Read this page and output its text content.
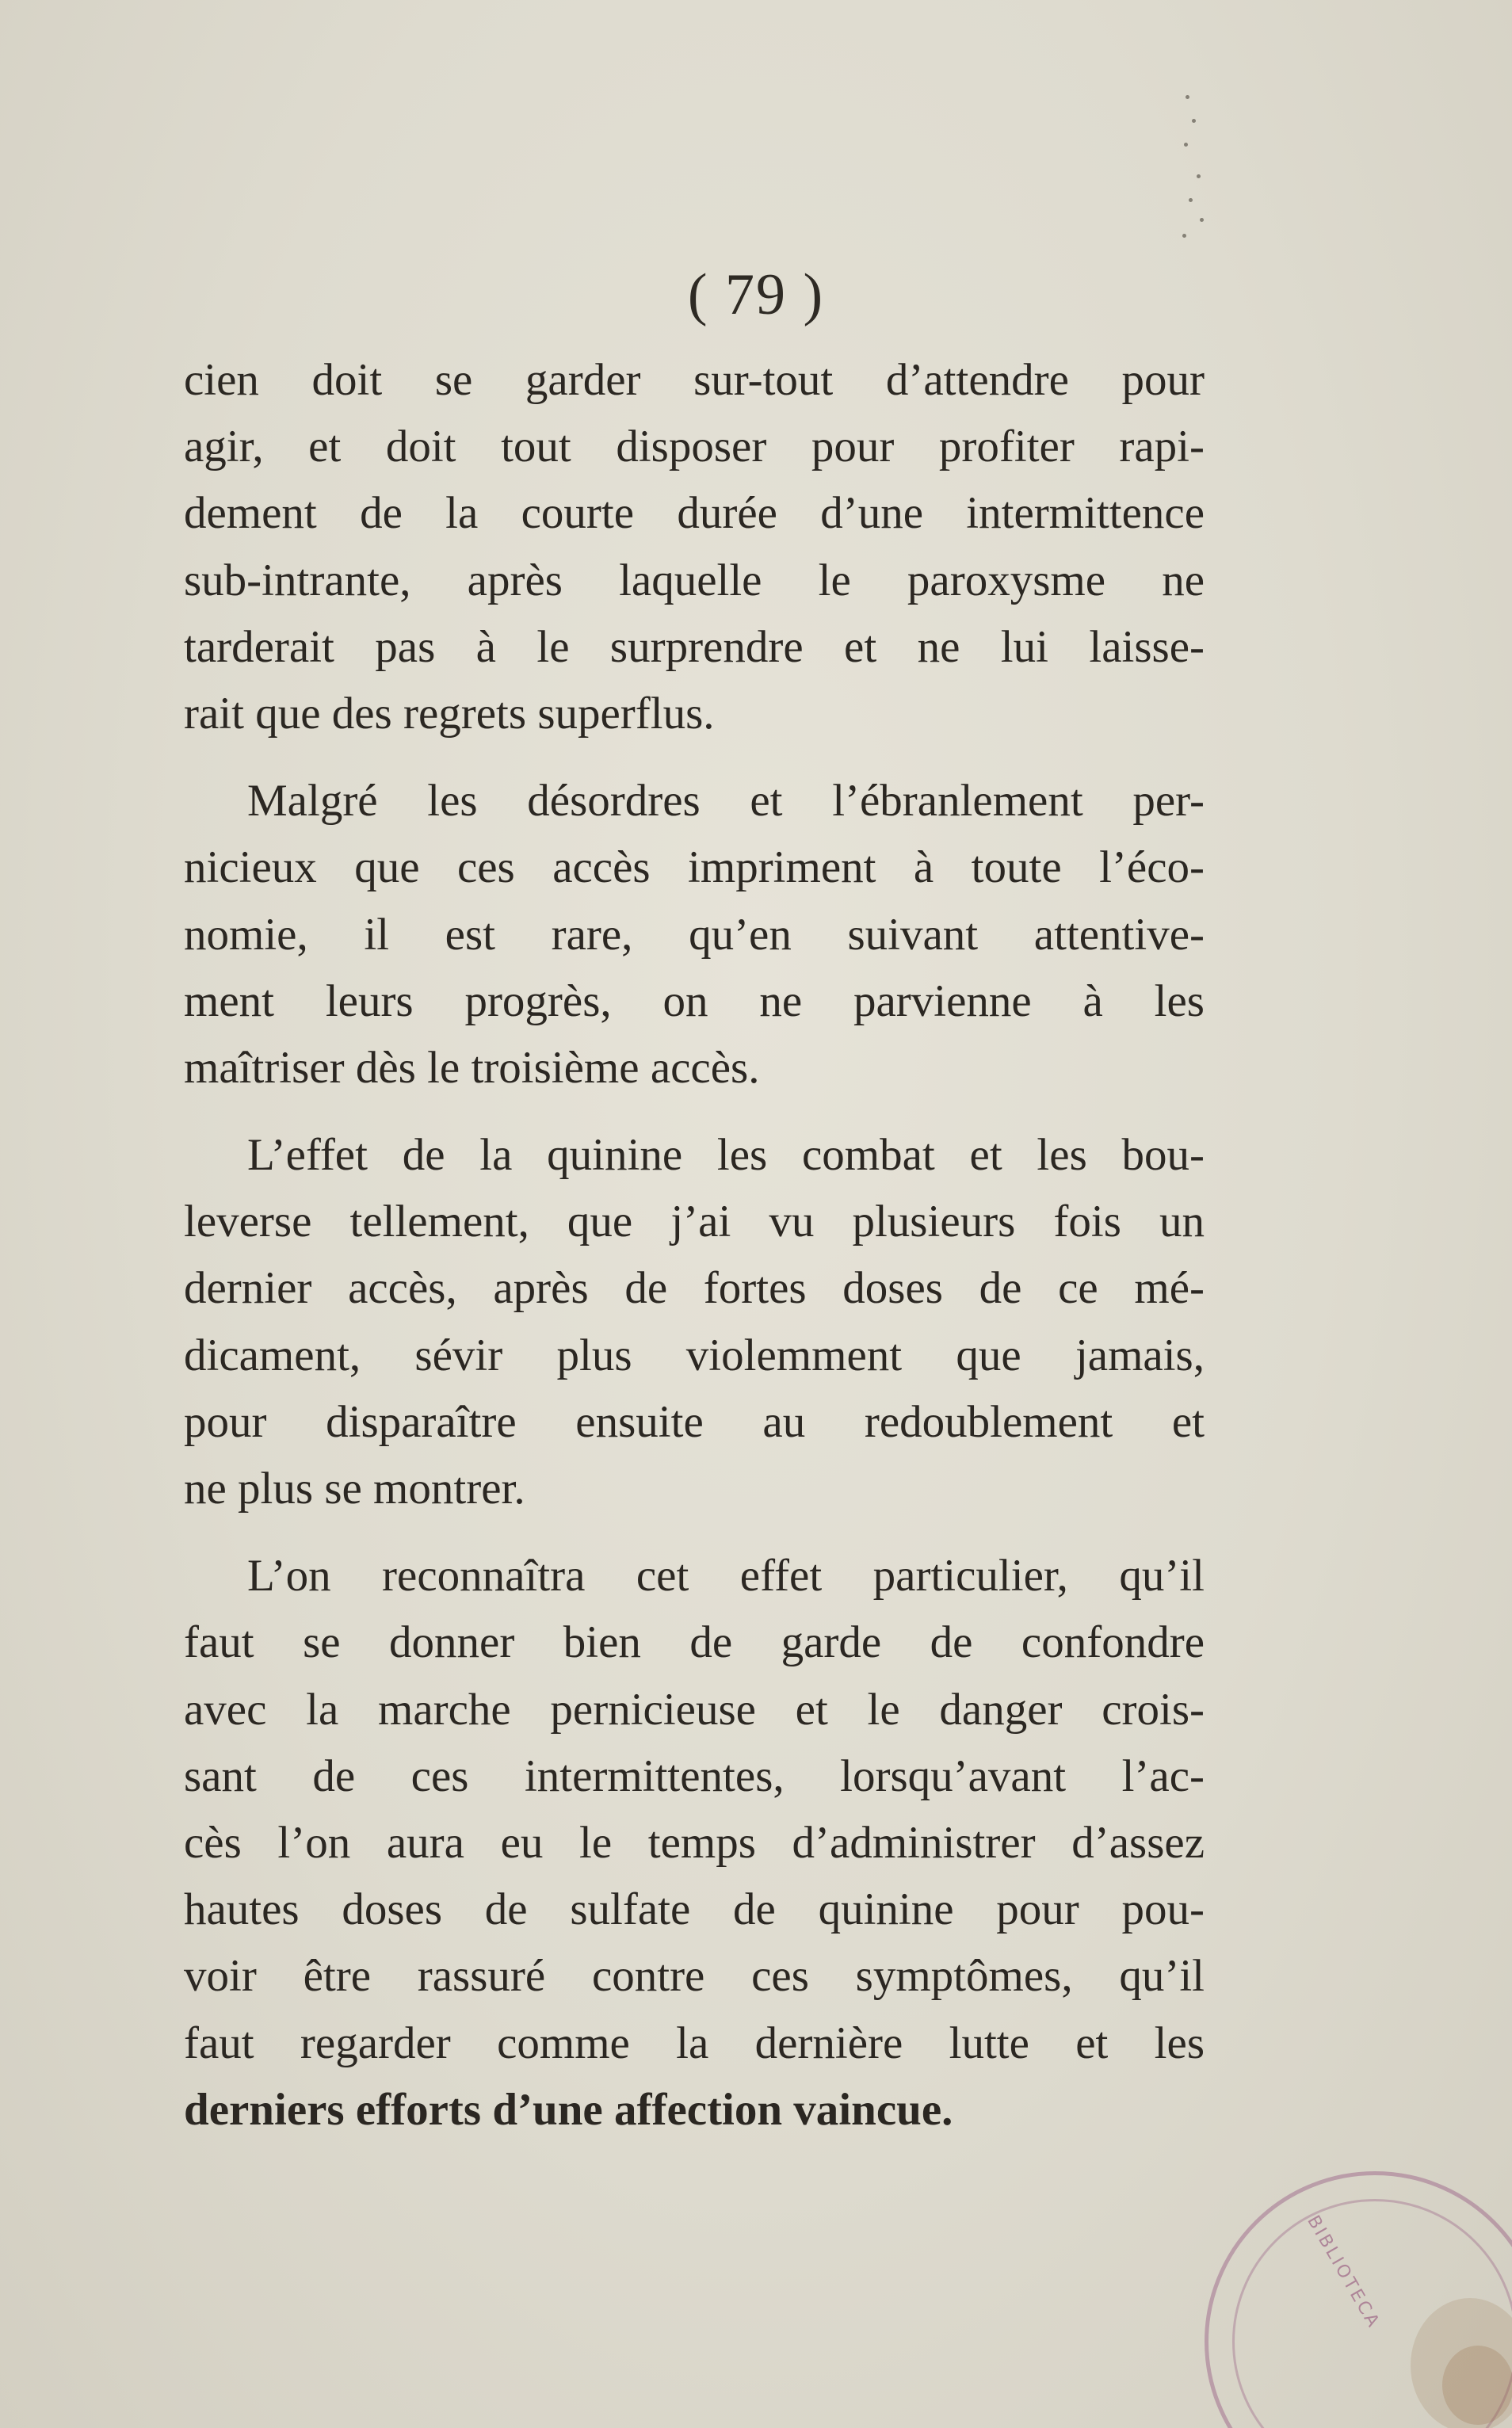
( 79 )
cien doit se garder sur-tout d’attendre pour
agir, et doit tout disposer pour profiter rapi-
dement de la courte durée d’une intermittence
sub-intrante, après laquelle le paroxysme ne
tarderait pas à le surprendre et ne lui laisse-
rait que des regrets superflus.
Malgré les désordres et l’ébranlement per-
nicieux que ces accès impriment à toute l’éco-
nomie, il est rare, qu’en suivant attentive-
ment leurs progrès, on ne parvienne à les
maîtriser dès le troisième accès.
L’effet de la quinine les combat et les bou-
leverse tellement, que j’ai vu plusieurs fois un
dernier accès, après de fortes doses de ce mé-
dicament, sévir plus violemment que jamais,
pour disparaître ensuite au redoublement et
ne plus se montrer.
L’on reconnaîtra cet effet particulier, qu’il
faut se donner bien de garde de confondre
avec la marche pernicieuse et le danger crois-
sant de ces intermittentes, lorsqu’avant l’ac-
cès l’on aura eu le temps d’administrer d’assez
hautes doses de sulfate de quinine pour pou-
voir être rassuré contre ces symptômes, qu’il
faut regarder comme la dernière lutte et les
derniers efforts d’une affection vaincue.
BIBLIOTECA
